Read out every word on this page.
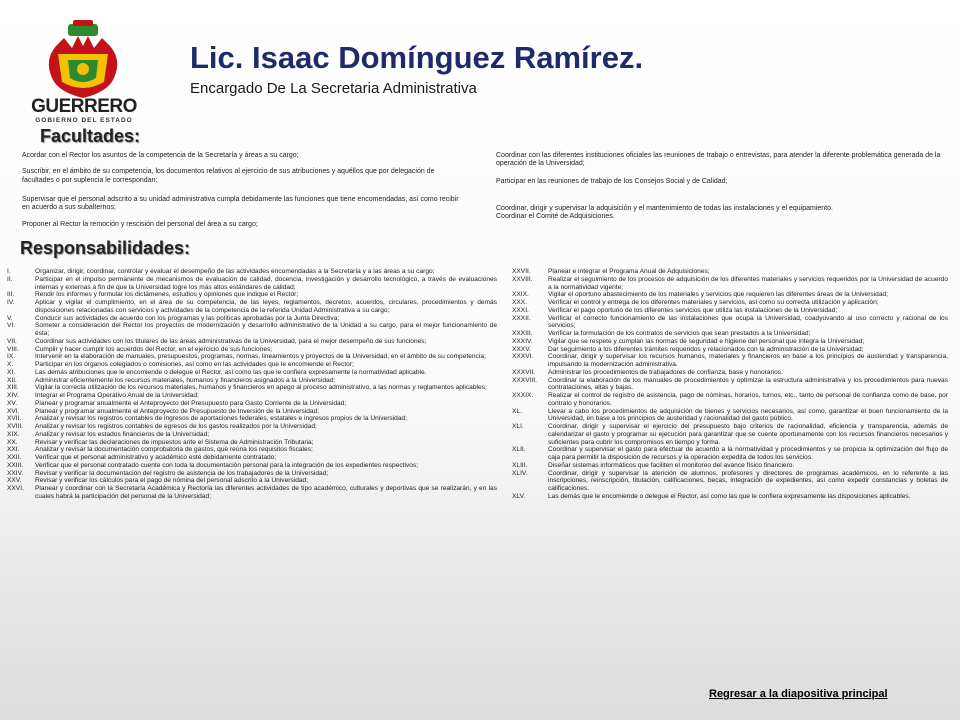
GUERRERO
GOBIERNO DEL ESTADO
Lic. Isaac Domínguez Ramírez.
Encargado De La Secretaria Administrativa
Facultades:

Acordar con el Rector los asuntos de la competencia de la Secretaría y áreas a su cargo;

Suscribir, en el ámbito de su competencia, los documentos relativos al ejercicio de sus atribuciones y aquéllos que por delegación de facultades o por suplencia le correspondan;

Supervisar que el personal adscrito a su unidad administrativa cumpla debidamente las funciones que tiene encomendadas, así como recibir en acuerdo a sus subalternos;

Proponer al Rector la remoción y rescisión del personal del área a su cargo;

Coordinar con las diferentes instituciones oficiales las reuniones de trabajo o entrevistas, para atender la diferente problemática generada de la operación de la Universidad;

Participar en las reuniones de trabajo de los Consejos Social y de Calidad;

Coordinar, dirigir y supervisar la adquisición y el mantenimiento de todas las instalaciones y el equipamiento.

Coordinar el Comité de Adquisiciones.

Responsabilidades:
I.	Organizar, dirigir, coordinar, controlar y evaluar el desempeño de las actividades encomendadas a la Secretaría y a las áreas a su cargo;
II.	Participar en el impulso permanente de mecanismos de evaluación de calidad, docencia, investigación y desarrollo tecnológico, a través de evaluaciones internas y externas a fin de que la Universidad logre los más altos estándares de calidad;
III.	Rendir los informes y formular los dictámenes, estudios y opiniones que indique el Rector;
IV.	Aplicar y vigilar el cumplimiento, en el área de su competencia, de las leyes, reglamentos, decretos, acuerdos, circulares, procedimientos y demás disposiciones relacionadas con servicios y actividades de la competencia de la referida Unidad Administrativa a su cargo;
V.	Conducir sus actividades de acuerdo con los programas y las políticas aprobadas por la Junta Directiva;
VI.	Someter a consideración del Rector los proyectos de modernización y desarrollo administrativo de la Unidad a su cargo, para el mejor funcionamiento de ésta;
VII.	Coordinar sus actividades con los titulares de las áreas administrativas de la Universidad, para el mejor desempeño de sus funciones;
VIII.	Cumplir y hacer cumplir los acuerdos del Rector, en el ejercicio de sus funciones;
IX.	Intervenir en la elaboración de manuales, presupuestos, programas, normas, lineamientos y proyectos de la Universidad, en el ámbito de su competencia;
X.	Participar en los órganos colegiados o comisiones, así como en las actividades que le encomiende el Rector;
XI.	Las demás atribuciones que le encomiende o delegue el Rector, así como las que le confiera expresamente la normatividad aplicable.
XII.	Administrar eficientemente los recursos materiales, humanos y financieros asignados a la Universidad;
XIII.	Vigilar la correcta utilización de los recursos materiales, humanos y financieros en apego al proceso administrativo, a las normas y reglamentos aplicables;
XIV.	Integrar el Programa Operativo Anual de la Universidad;
XV.	Planear y programar anualmente el Anteproyecto del Presupuesto para Gasto Corriente de la Universidad;
XVI.	Planear y programar anualmente el Anteproyecto de Presupuesto de Inversión de la Universidad;
XVII.	Analizar y revisar los registros contables de ingresos de aportaciones federales, estatales e ingresos propios de la Universidad;
XVIII.	Analizar y revisar los registros contables de egresos de los gastos realizados por la Universidad;
XIX.	Analizar y revisar los estados financieros de la Universidad;
XX.	Revisar y verificar las declaraciones de impuestos ante el Sistema de Administración Tributaria;
XXI.	Analizar y revisar la documentación comprobatoria de gastos, que reúna los requisitos fiscales;
XXII.	Verificar que el personal administrativo y académico esté debidamente contratado;
XXIII.	Verificar que el personal contratado cuente con toda la documentación personal para la integración de los expedientes respectivos;
XXIV.	Revisar y verificar la documentación del registro de asistencia de los trabajadores de la Universidad;
XXV.	Revisar y verificar los cálculos para el pago de nómina del personal adscrito a la Universidad;
XXVI.	Planear y coordinar con la Secretaría Académica y Rectoría las diferentes actividades de tipo académico, culturales y deportivas que se realizarán, y en las cuales habrá la participación del personal de la Universidad;
XXVII.	Planear e integrar el Programa Anual de Adquisiciones;
XXVIII.	Realizar el seguimiento de los procesos de adquisición de los diferentes materiales y servicios requeridos por la Universidad de acuerdo a la normatividad vigente;
XXIX.	Vigilar el oportuno abastecimiento de los materiales y servicios que requieren las diferentes áreas de la Universidad;
XXX.	Verificar el control y entrega de los diferentes materiales y servicios, así como su correcta utilización y aplicación;
XXXI.	Verificar el pago oportuno de los diferentes servicios que utiliza las instalaciones de la Universidad;
XXXII.	Verificar el correcto funcionamiento de las instalaciones que ocupa la Universidad, coadyuvando al uso correcto y racional de los servicios;
XXXIII.	Verificar la formulación de los contratos de servicios que sean prestados a la Universidad;
XXXIV.	Vigilar que se respete y cumplan las normas de seguridad e higiene del personal que integra la Universidad;
XXXV.	Dar seguimiento a los diferentes trámites requeridos y relacionados con la administración de la Universidad;
XXXVI.	Coordinar, dirigir y supervisar los recursos humanos, materiales y financieros en base a los principios de austeridad y transparencia, impulsando la modernización administrativa.
XXXVII.	Administrar los procedimientos de trabajadores de confianza, base y honorarios.
XXXVIII.	Coordinar la elaboración de los manuales de procedimientos y optimizar la estructura administrativa y los procedimientos para nuevas contrataciones, altas y bajas.
XXXIX.	Realizar el control de registro de asistencia, pago de nóminas, horarios, turnos, etc., tanto de personal de confianza como de base, por contrato y honorarios.
XL.	Llevar a cabo los procedimientos de adquisición de bienes y servicios necesarios, así como, garantizar el buen funcionamiento de la Universidad, en base a los principios de austeridad y racionalidad del gasto público.
XLI.	Coordinar, dirigir y supervisar el ejercicio del presupuesto bajo criterios de racionalidad, eficiencia y transparencia, además de calendarizar el gasto y programar su ejecución para garantizar que se cuente oportunamente con los recursos financieros necesarios y suficientes para cubrir los compromisos en tiempo y forma.
XLII.	Coordinar y supervisar el gasto para efectuar de acuerdo a la normatividad y procedimientos y se propicia la optimización del flujo de caja para permitir la disposición de recursos y la operación expedita de todos los servicios.
XLIII.	Diseñar sistemas informáticos que faciliten el monitoreo del avance físico financiero.
XLIV.	Coordinar, dirigir y supervisar la atención de alumnos, profesores y directores de programas académicos, en lo referente a las inscripciones, reinscripción, titulación, calificaciones, becas, integración de expedientes, así como expedir constancias y boletas de calificaciones.
XLV.	Las demás que le encomiende o delegue el Rector, así como las que le confiera expresamente las disposiciones aplicables.
Regresar a la diapositiva principal
